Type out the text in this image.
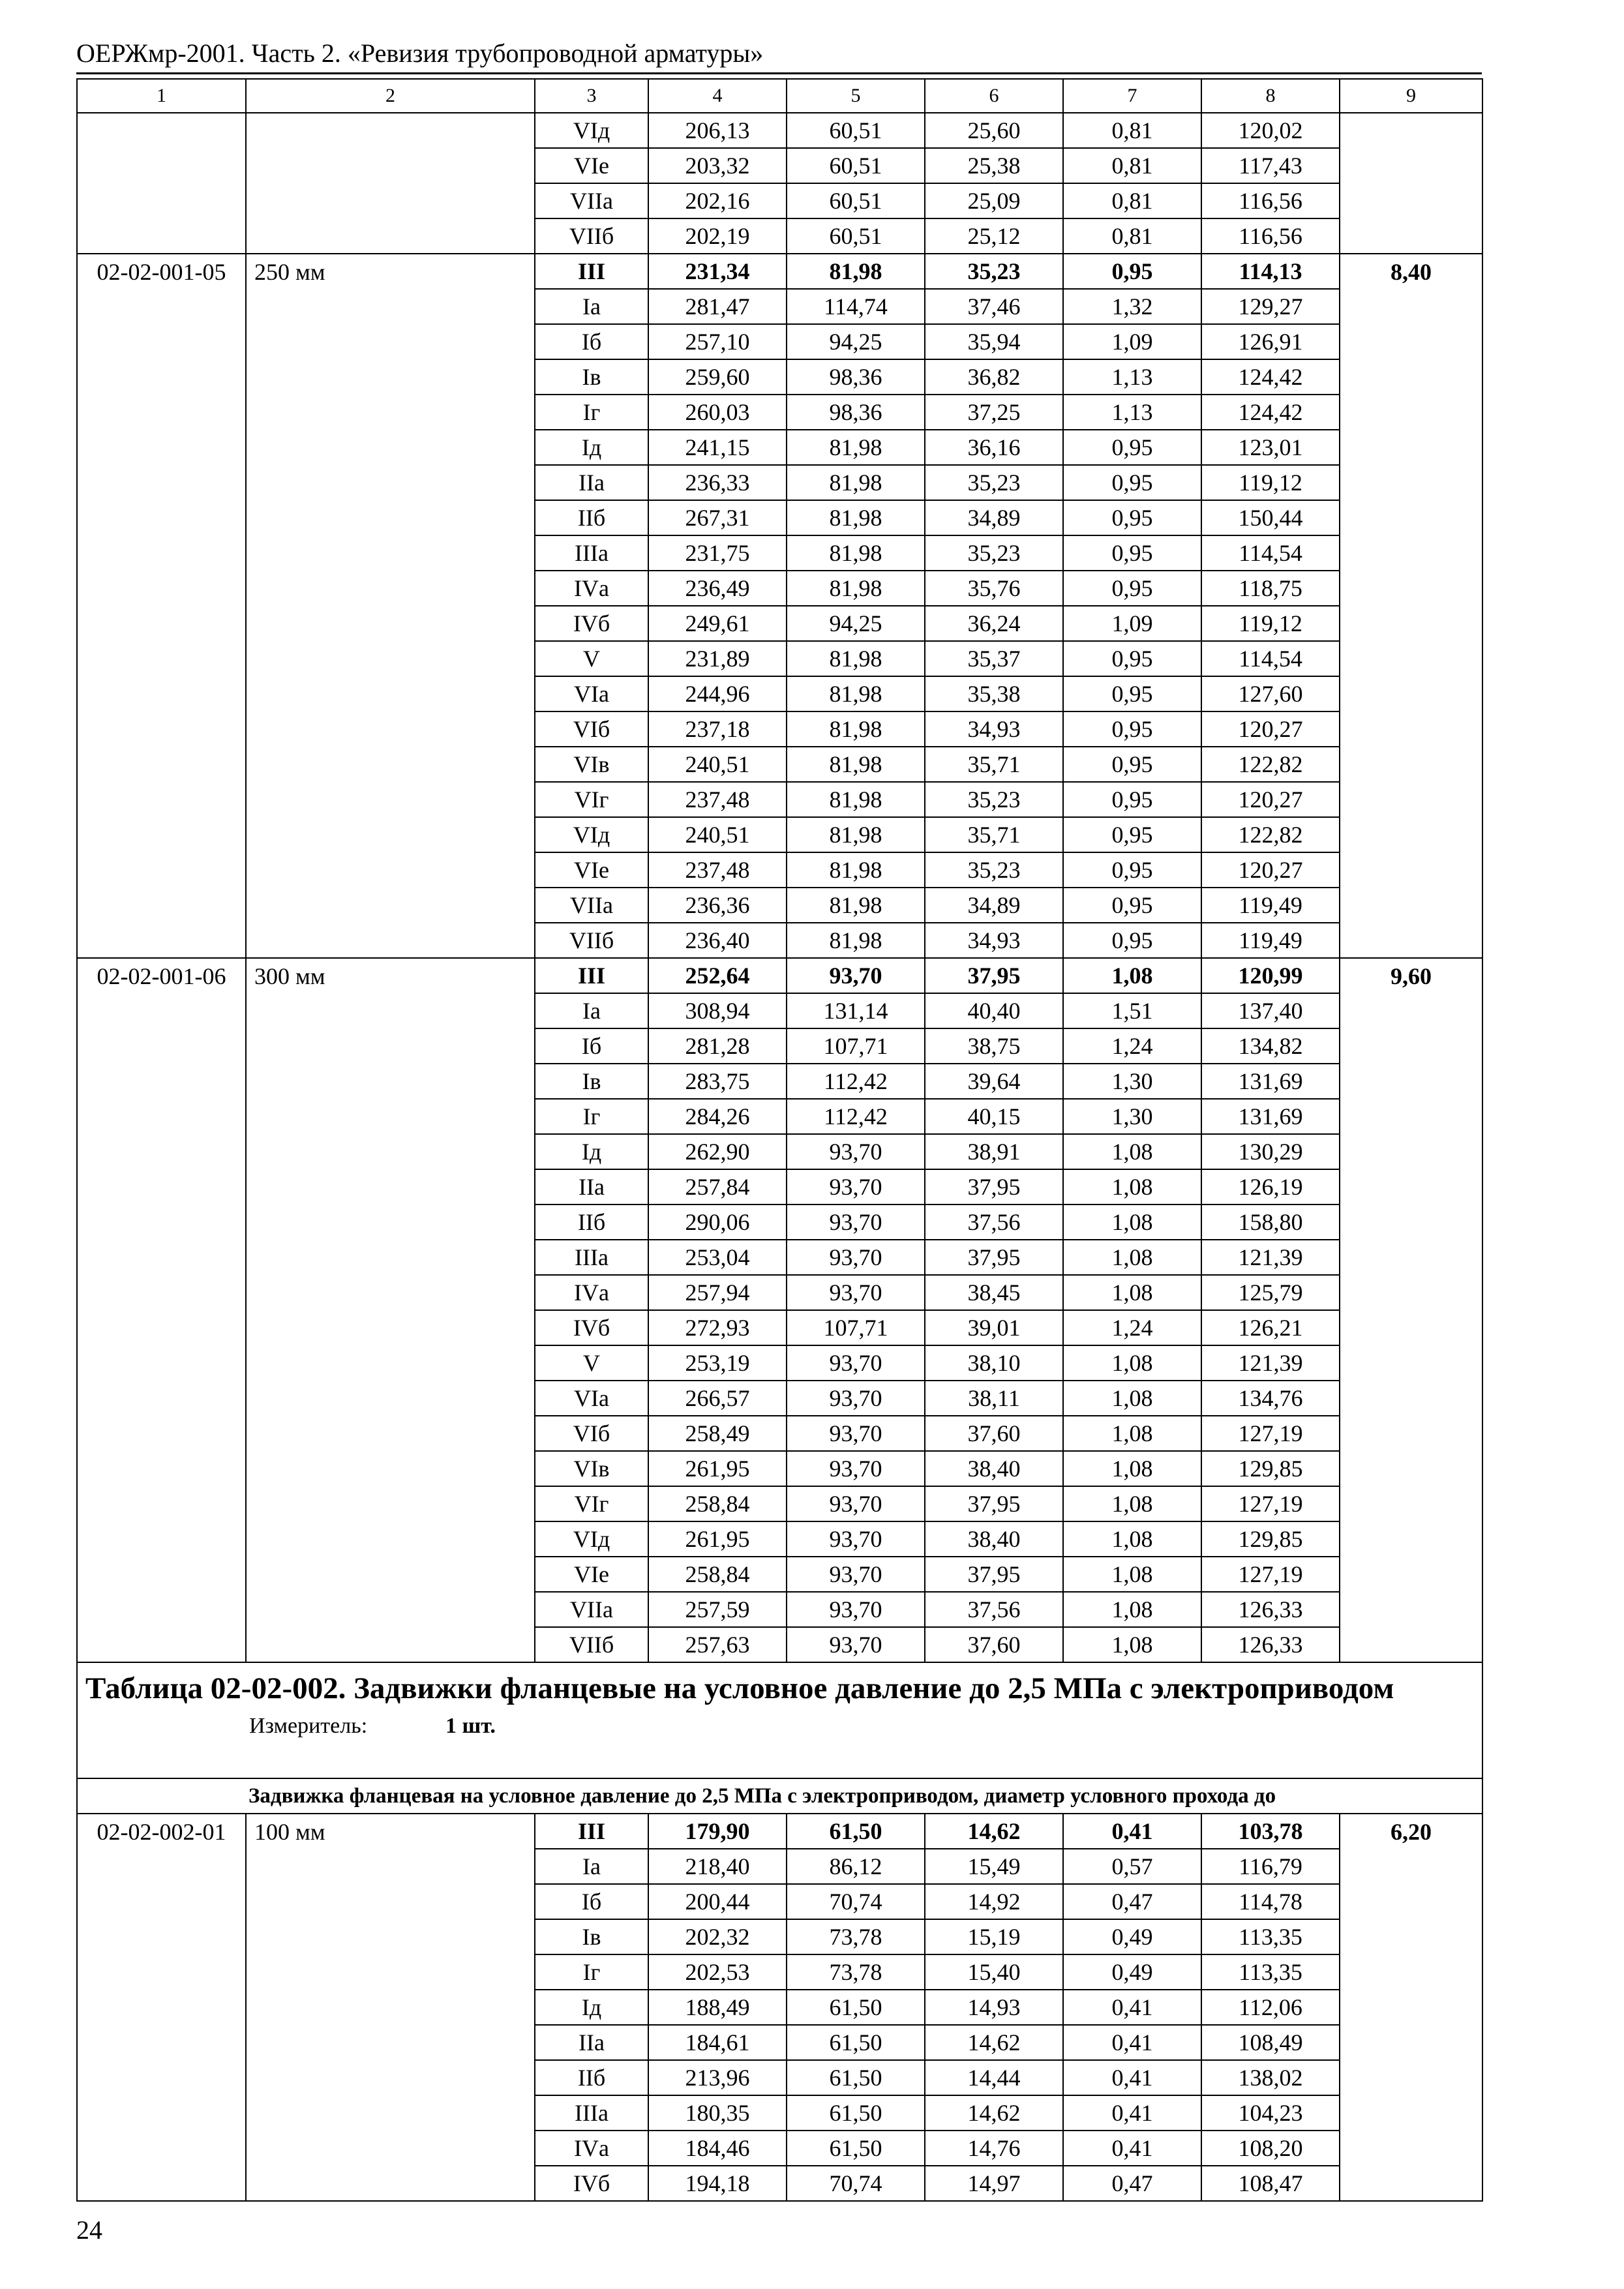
ОЕРЖмр-2001. Часть 2. «Ревизия трубопроводной арматуры»
1	2	3	4	5	6	7	8	9
		VIд	206,13	60,51	25,60	0,81	120,02	
		VIе	203,32	60,51	25,38	0,81	117,43	
		VIIа	202,16	60,51	25,09	0,81	116,56	
		VIIб	202,19	60,51	25,12	0,81	116,56	
02-02-001-05	250 мм	III	231,34	81,98	35,23	0,95	114,13	8,40
		Iа	281,47	114,74	37,46	1,32	129,27	
		Iб	257,10	94,25	35,94	1,09	126,91	
		Iв	259,60	98,36	36,82	1,13	124,42	
		Iг	260,03	98,36	37,25	1,13	124,42	
		Iд	241,15	81,98	36,16	0,95	123,01	
		IIа	236,33	81,98	35,23	0,95	119,12	
		IIб	267,31	81,98	34,89	0,95	150,44	
		IIIа	231,75	81,98	35,23	0,95	114,54	
		IVа	236,49	81,98	35,76	0,95	118,75	
		IVб	249,61	94,25	36,24	1,09	119,12	
		V	231,89	81,98	35,37	0,95	114,54	
		VIа	244,96	81,98	35,38	0,95	127,60	
		VIб	237,18	81,98	34,93	0,95	120,27	
		VIв	240,51	81,98	35,71	0,95	122,82	
		VIг	237,48	81,98	35,23	0,95	120,27	
		VIд	240,51	81,98	35,71	0,95	122,82	
		VIе	237,48	81,98	35,23	0,95	120,27	
		VIIа	236,36	81,98	34,89	0,95	119,49	
		VIIб	236,40	81,98	34,93	0,95	119,49	
02-02-001-06	300 мм	III	252,64	93,70	37,95	1,08	120,99	9,60
		Iа	308,94	131,14	40,40	1,51	137,40	
		Iб	281,28	107,71	38,75	1,24	134,82	
		Iв	283,75	112,42	39,64	1,30	131,69	
		Iг	284,26	112,42	40,15	1,30	131,69	
		Iд	262,90	93,70	38,91	1,08	130,29	
		IIа	257,84	93,70	37,95	1,08	126,19	
		IIб	290,06	93,70	37,56	1,08	158,80	
		IIIа	253,04	93,70	37,95	1,08	121,39	
		IVа	257,94	93,70	38,45	1,08	125,79	
		IVб	272,93	107,71	39,01	1,24	126,21	
		V	253,19	93,70	38,10	1,08	121,39	
		VIа	266,57	93,70	38,11	1,08	134,76	
		VIб	258,49	93,70	37,60	1,08	127,19	
		VIв	261,95	93,70	38,40	1,08	129,85	
		VIг	258,84	93,70	37,95	1,08	127,19	
		VIд	261,95	93,70	38,40	1,08	129,85	
		VIе	258,84	93,70	37,95	1,08	127,19	
		VIIа	257,59	93,70	37,56	1,08	126,33	
		VIIб	257,63	93,70	37,60	1,08	126,33	

Таблица 02-02-002. Задвижки фланцевые на условное давление до 2,5 МПа с электроприводом
Измеритель: 1 шт.								

Задвижка фланцевая на условное давление до 2,5 МПа с электроприводом, диаметр условного прохода до								
02-02-002-01	100 мм	III	179,90	61,50	14,62	0,41	103,78	6,20
		Iа	218,40	86,12	15,49	0,57	116,79	
		Iб	200,44	70,74	14,92	0,47	114,78	
		Iв	202,32	73,78	15,19	0,49	113,35	
		Iг	202,53	73,78	15,40	0,49	113,35	
		Iд	188,49	61,50	14,93	0,41	112,06	
		IIа	184,61	61,50	14,62	0,41	108,49	
		IIб	213,96	61,50	14,44	0,41	138,02	
		IIIа	180,35	61,50	14,62	0,41	104,23	
		IVа	184,46	61,50	14,76	0,41	108,20	
		IVб	194,18	70,74	14,97	0,47	108,47	
24
